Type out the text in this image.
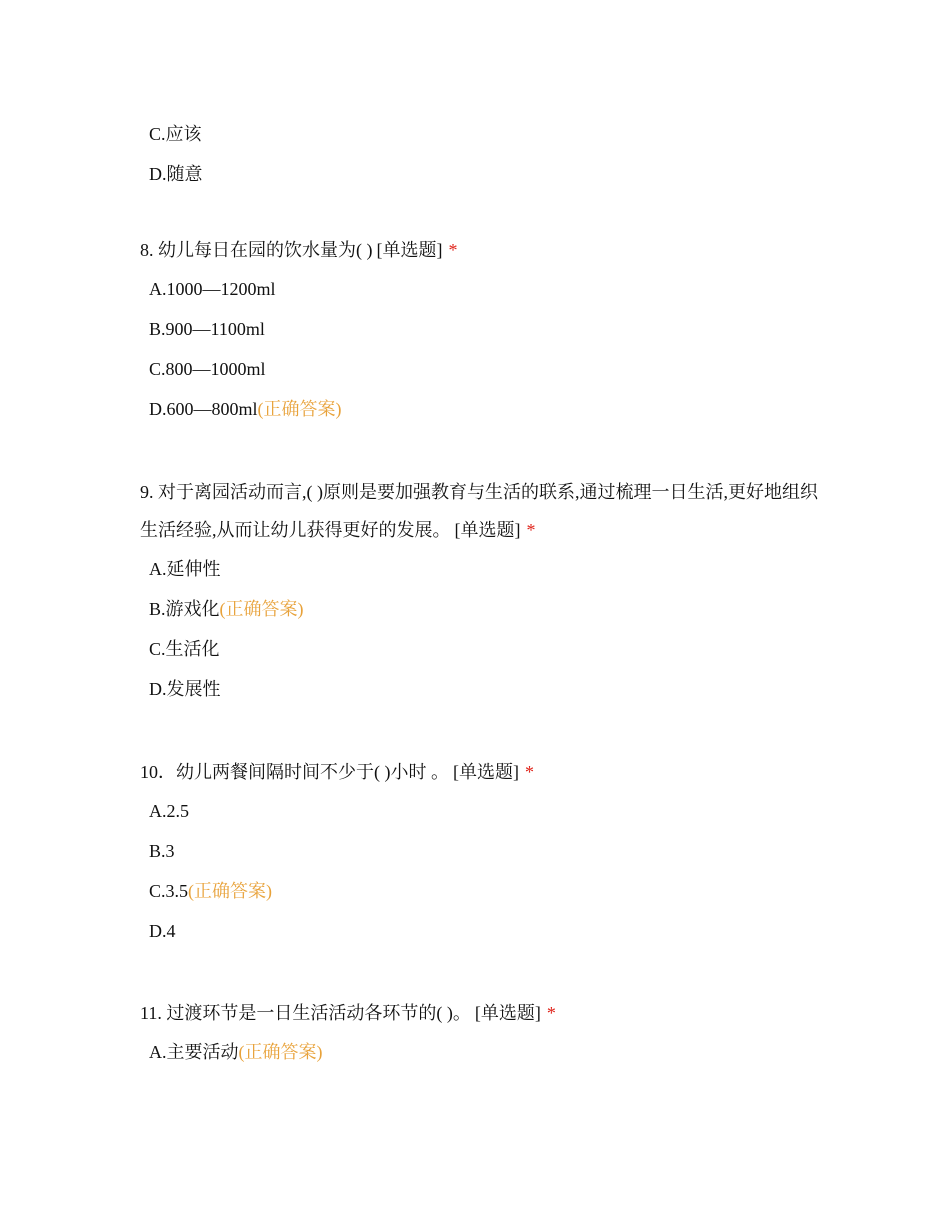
C.应该
D.随意
8. 幼儿每日在园的饮水量为( ) [单选题] *
A.1000—1200ml
B.900—1100ml
C.800—1000ml
D.600—800ml(正确答案)
9. 对于离园活动而言,( )原则是要加强教育与生活的联系,通过梳理一日生活,更好地组织生活经验,从而让幼儿获得更好的发展。 [单选题] *
A.延伸性
B.游戏化(正确答案)
C.生活化
D.发展性
10．幼儿两餐间隔时间不少于( )小时 。 [单选题] *
A.2.5
B.3
C.3.5(正确答案)
D.4
11. 过渡环节是一日生活活动各环节的( )。 [单选题] *
A.主要活动(正确答案)
